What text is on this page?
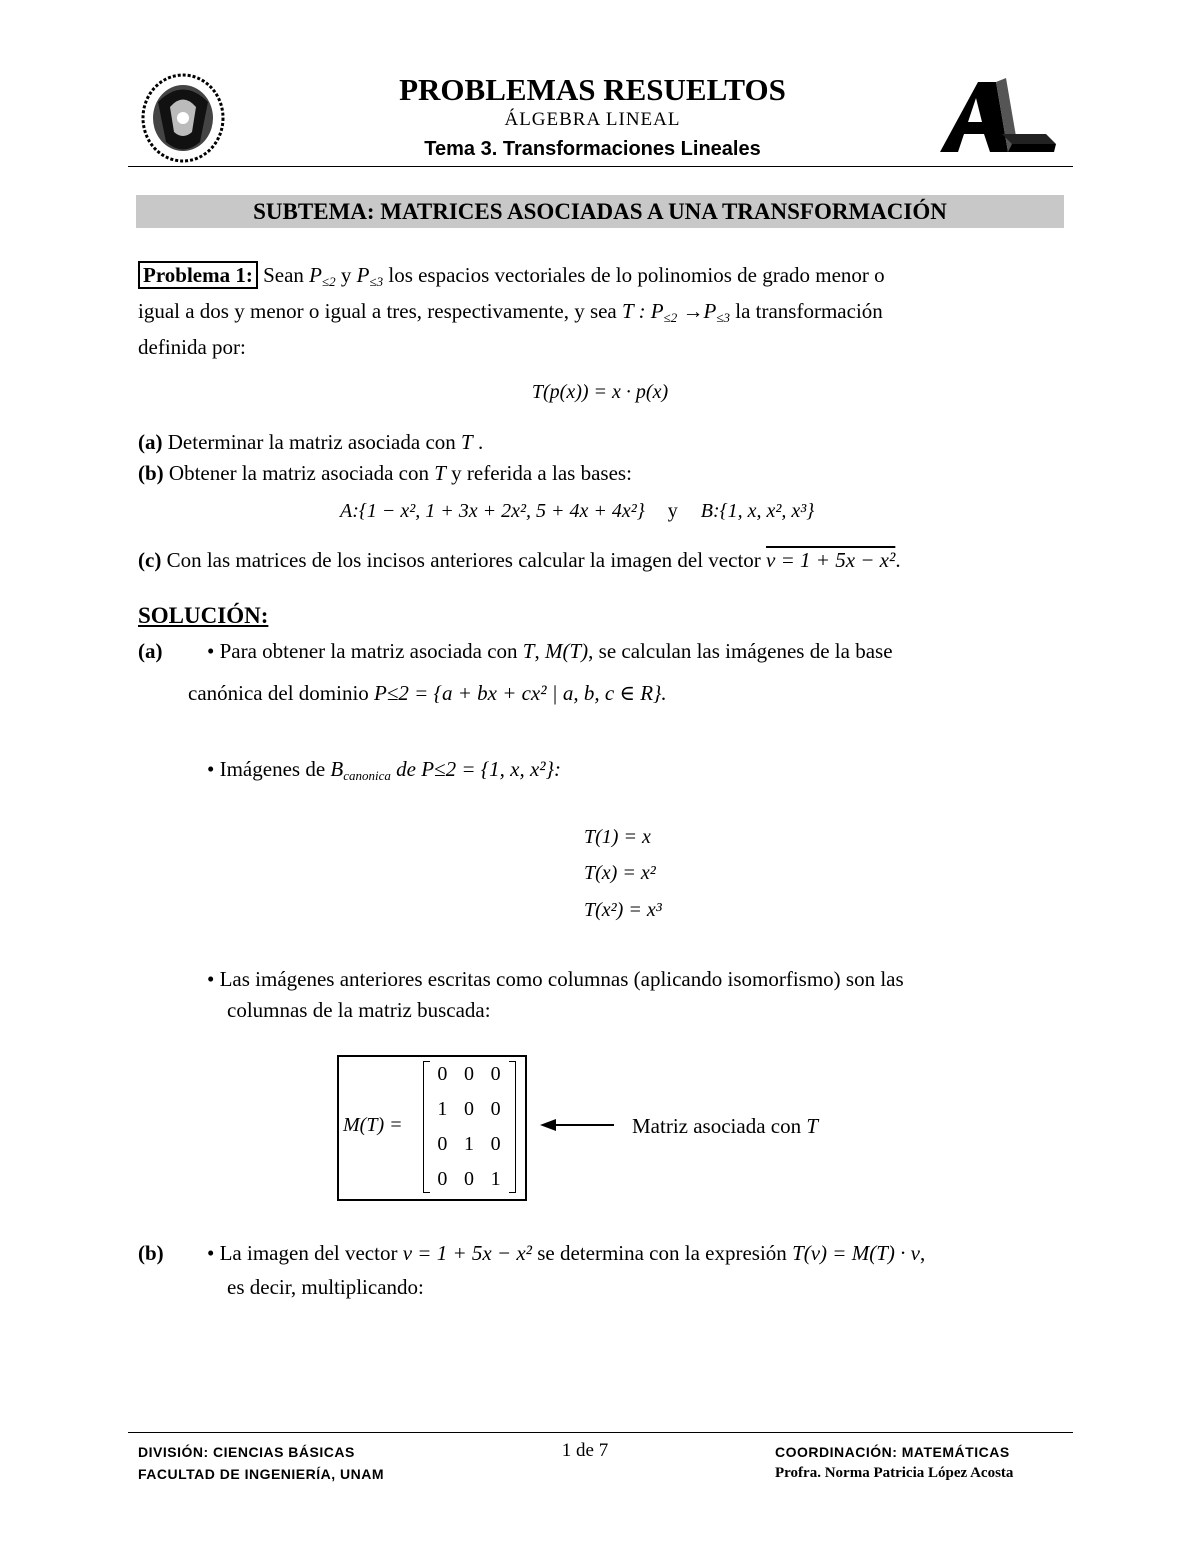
PROBLEMAS RESUELTOS
ÁLGEBRA LINEAL
Tema 3. Transformaciones Lineales
SUBTEMA: MATRICES ASOCIADAS A UNA TRANSFORMACIÓN
Problema 1: Sean $P_{\le 2}$ y $P_{\le 3}$ los espacios vectoriales de lo polinomios de grado menor o
igual a dos y menor o igual a tres, respectivamente, y sea T : $P_{\le 2} \to P_{\le 3}$ la transformación
definida por:
T(p(x)) = x · p(x)
(a) Determinar la matriz asociada con T .
(b) Obtener la matriz asociada con T y referida a las bases:
A:{1 − x², 1 + 3x + 2x², 5 + 4x + 4x²} y B:{1, x, x², x³}
(c) Con las matrices de los incisos anteriores calcular la imagen del vector v = 1 + 5x − x².
SOLUCIÓN:
(a) • Para obtener la matriz asociada con T, M(T), se calculan las imágenes de la base
canónica del dominio P≤2 = {a + bx + cx² | a, b, c ∈ R}.
• Imágenes de $B_{canonica}$ de P≤2 = {1, x, x²}:
T(1) = x
T(x) = x²
T(x²) = x³
• Las imágenes anteriores escritas como columnas (aplicando isomorfismo) son las
columnas de la matriz buscada:
M(T) =
0 0 0
1 0 0
0 1 0
0 0 1
Matriz asociada con T
(b) • La imagen del vector v = 1 + 5x − x² se determina con la expresión T(v) = M(T) · v,
es decir, multiplicando:
DIVISIÓN: CIENCIAS BÁSICAS
FACULTAD DE INGENIERÍA, UNAM
1 de 7	COORDINACIÓN: MATEMÁTICAS
Profra. Norma Patricia López Acosta
